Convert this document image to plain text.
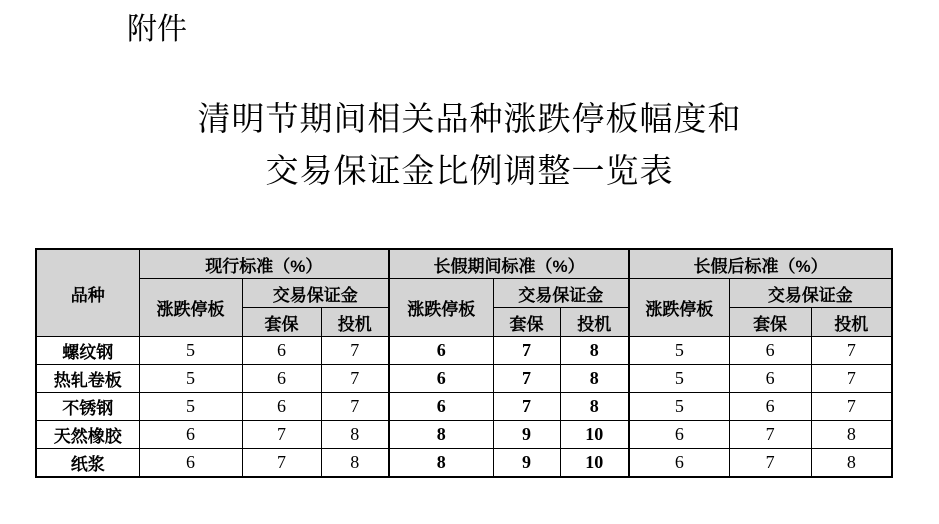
附件
清明节期间相关品种涨跌停板幅度和
交易保证金比例调整一览表
品种	现行标准（%）			长假期间标准（%）			长假后标准（%）		
	涨跌停板	交易保证金		涨跌停板	交易保证金		涨跌停板	交易保证金	
		套保	投机		套保	投机		套保	投机
螺纹钢	5	6	7	6	7	8	5	6	7
热轧卷板	5	6	7	6	7	8	5	6	7
不锈钢	5	6	7	6	7	8	5	6	7
天然橡胶	6	7	8	8	9	10	6	7	8
纸浆	6	7	8	8	9	10	6	7	8
